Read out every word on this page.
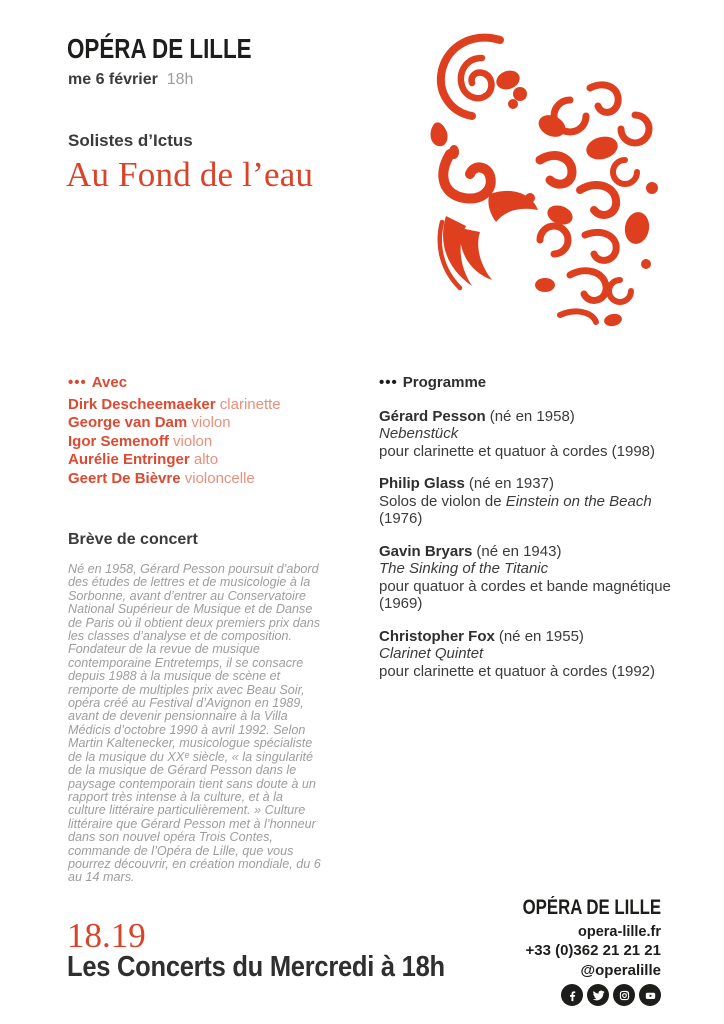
OPÉRA DE LILLE
me 6 février 18h
Solistes d’Ictus
Au Fond de l’eau
••• Avec
Dirk Descheemaeker clarinette
George van Dam violon
Igor Semenoff violon
Aurélie Entringer alto
Geert De Bièvre violoncelle
••• Programme
Gérard Pesson (né en 1958)
Nebenstück
pour clarinette et quatuor à cordes (1998)
Philip Glass (né en 1937)
Solos de violon de Einstein on the Beach (1976)
Gavin Bryars (né en 1943)
The Sinking of the Titanic
pour quatuor à cordes et bande magnétique (1969)
Christopher Fox (né en 1955)
Clarinet Quintet
pour clarinette et quatuor à cordes (1992)
Brève de concert

Né en 1958, Gérard Pesson poursuit d’abord des études de lettres et de musicologie à la Sorbonne, avant d’entrer au Conservatoire National Supérieur de Musique et de Danse de Paris où il obtient deux premiers prix dans les classes d’analyse et de composition. Fondateur de la revue de musique contemporaine Entretemps, il se consacre depuis 1988 à la musique de scène et remporte de multiples prix avec Beau Soir, opéra créé au Festival d’Avignon en 1989, avant de devenir pensionnaire à la Villa Médicis d’octobre 1990 à avril 1992. Selon Martin Kaltenecker, musicologue spécialiste de la musique du XXᵉ siècle, « la singularité de la musique de Gérard Pesson dans le paysage contemporain tient sans doute à un rapport très intense à la culture, et à la culture littéraire particulièrement. » Culture littéraire que Gérard Pesson met à l’honneur dans son nouvel opéra Trois Contes, commande de l’Opéra de Lille, que vous pourrez découvrir, en création mondiale, du 6 au 14 mars.

18.19
Les Concerts du Mercredi à 18h
OPÉRA DE LILLE
opera-lille.fr
+33 (0)362 21 21 21
@operalille
